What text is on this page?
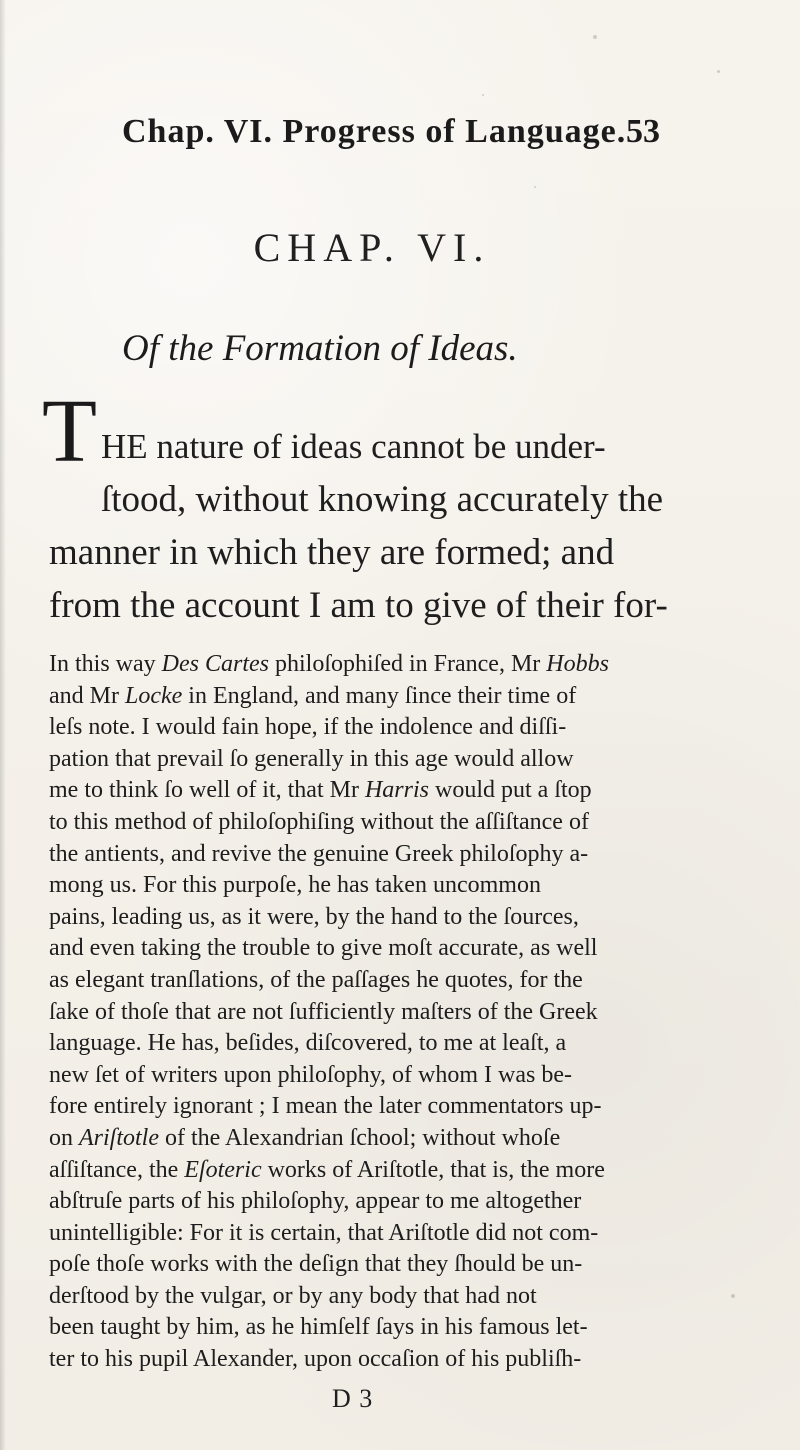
Chap. VI. Progress of Language. 53
CHAP. VI.
Of the Formation of Ideas.
T HE nature of ideas cannot be under-
ſtood, without knowing accurately the
manner in which they are formed; and
from the account I am to give of their for-
In this way Des Cartes philoſophiſed in France, Mr Hobbs
and Mr Locke in England, and many ſince their time of
leſs note. I would fain hope, if the indolence and diſſi-
pation that prevail ſo generally in this age would allow
me to think ſo well of it, that Mr Harris would put a ſtop
to this method of philoſophiſing without the aſſiſtance of
the antients, and revive the genuine Greek philoſophy a-
mong us. For this purpoſe, he has taken uncommon
pains, leading us, as it were, by the hand to the ſources,
and even taking the trouble to give moſt accurate, as well
as elegant tranſlations, of the paſſages he quotes, for the
ſake of thoſe that are not ſufficiently maſters of the Greek
language. He has, beſides, diſcovered, to me at leaſt, a
new ſet of writers upon philoſophy, of whom I was be-
fore entirely ignorant ; I mean the later commentators up-
on Ariſtotle of the Alexandrian ſchool; without whoſe
aſſiſtance, the Eſoteric works of Ariſtotle, that is, the more
abſtruſe parts of his philoſophy, appear to me altogether
unintelligible: For it is certain, that Ariſtotle did not com-
poſe thoſe works with the deſign that they ſhould be un-
derſtood by the vulgar, or by any body that had not
been taught by him, as he himſelf ſays in his famous let-
ter to his pupil Alexander, upon occaſion of his publiſh-
D 3
